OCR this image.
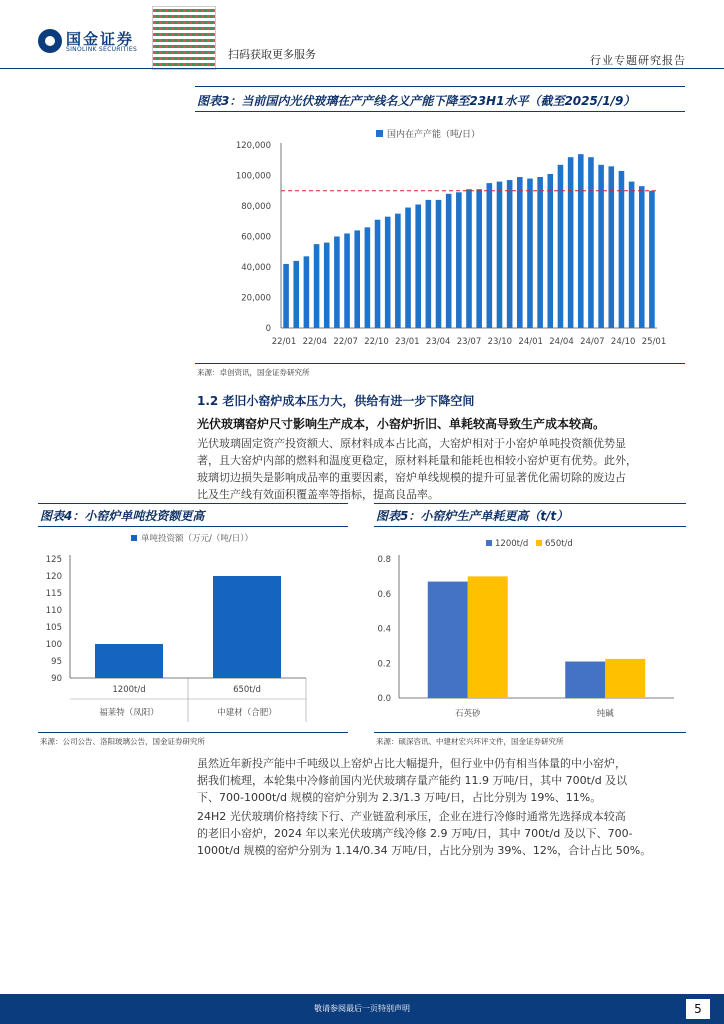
国金证券
SINOLINK SECURITIES	扫码获取更多服务	行业专题研究报告
图表3：当前国内光伏玻璃在产产线名义产能下降至23H1水平（截至2025/1/9）
国内在产产能（吨/日）
0
20,000
40,000
60,000
80,000
100,000
120,000
22/01 22/04 22/07 22/10 23/01 23/04 23/07 23/10 24/01 24/04 24/07 24/10 25/01
来源：卓创资讯，国金证券研究所
1.2 老旧小窑炉成本压力大，供给有进一步下降空间
光伏玻璃窑炉尺寸影响生产成本，小窑炉折旧、单耗较高导致生产成本较高。
光伏玻璃固定资产投资额大、原材料成本占比高，大窑炉相对于小窑炉单吨投资额优势显
著，且大窑炉内部的燃料和温度更稳定，原材料耗量和能耗也相较小窑炉更有优势。此外，
玻璃切边损失是影响成品率的重要因素，窑炉单线规模的提升可显著优化需切除的废边占
比及生产线有效面积覆盖率等指标，提高良品率。
图表4：小窑炉单吨投资额更高
单吨投资额（万元/（吨/日））
90
95
100
105
110
115
120
125
1200t/d
福莱特（凤阳）
650t/d
中建材（合肥）
来源：公司公告、洛阳玻璃公告，国金证券研究所
图表5：小窑炉生产单耗更高（t/t）
1200t/d 650t/d
0.0
0.2
0.4
0.6
0.8
石英砂	纯碱
来源：硕深咨讯、中建材宏兴环评文件，国金证券研究所
虽然近年新投产能中千吨级以上窑炉占比大幅提升，但行业中仍有相当体量的中小窑炉，
据我们梳理，本轮集中冷修前国内光伏玻璃存量产能约 11.9 万吨/日，其中 700t/d 及以
下、700-1000t/d 规模的窑炉分别为 2.3/1.3 万吨/日，占比分别为 19%、11%。
24H2 光伏玻璃价格持续下行、产业链盈利承压，企业在进行冷修时通常先选择成本较高
的老旧小窑炉，2024 年以来光伏玻璃产线冷修 2.9 万吨/日，其中 700t/d 及以下、700-
1000t/d 规模的窑炉分别为 1.14/0.34 万吨/日，占比分别为 39%、12%，合计占比 50%。
敬请参阅最后一页特别声明	5
